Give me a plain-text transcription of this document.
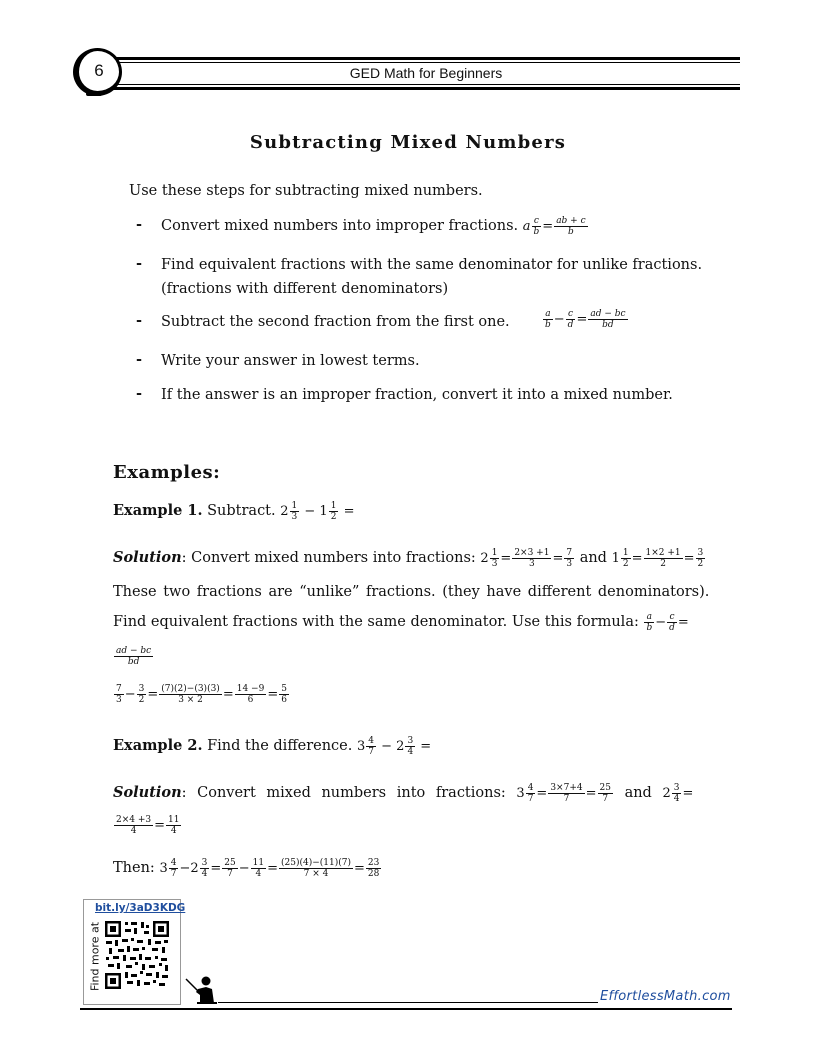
6	GED Math for Beginners
Subtracting Mixed Numbers
Use these steps for subtracting mixed numbers.
- Convert mixed numbers into improper fractions. a $\frac{c}{b} = \frac{ab + c}{b}$
- Find equivalent fractions with the same denominator for unlike fractions.
(fractions with different denominators)
- Subtract the second fraction from the first one.	$\frac{a}{b} - \frac{c}{d} = \frac{ad - bc}{bd}$
- Write your answer in lowest terms.
- If the answer is an improper fraction, convert it into a mixed number.
Examples:
Example 1. Subtract. $2 \frac{1}{3} - 1 \frac{1}{2}$ =
Solution: Convert mixed numbers into fractions: $2 \frac{1}{3} = \frac{2\times 3 +1}{3} = \frac{7}{3}$ and $1 \frac{1}{2} = \frac{1\times 2 +1}{2} = \frac{3}{2}$
These two fractions are “unlike” fractions. (they have different denominators).
Find equivalent fractions with the same denominator. Use this formula: $\frac{a}{b} - \frac{c}{d}$ =
$\frac{ad - bc}{bd}$
$\frac{7}{3} - \frac{3}{2} = \frac{(7)(2)-(3)(3)}{3 \times 2} = \frac{14 -9}{6} = \frac{5}{6}$
Example 2. Find the difference. $3 \frac{4}{7} - 2 \frac{3}{4}$ =
Solution: Convert mixed numbers into fractions: $3 \frac{4}{7} = \frac{3\times 7+4}{7} = \frac{25}{7}$ and $2 \frac{3}{4}$ =
$\frac{2\times 4 +3}{4} = \frac{11}{4}$
Then: $3 \frac{4}{7} -2 \frac{3}{4} = \frac{25}{7} - \frac{11}{4} = \frac{(25)(4)-(11)(7)}{7 \times 4} = \frac{23}{28}$
bit.ly/3aD3KDG
Find more at
EffortlessMath.com
